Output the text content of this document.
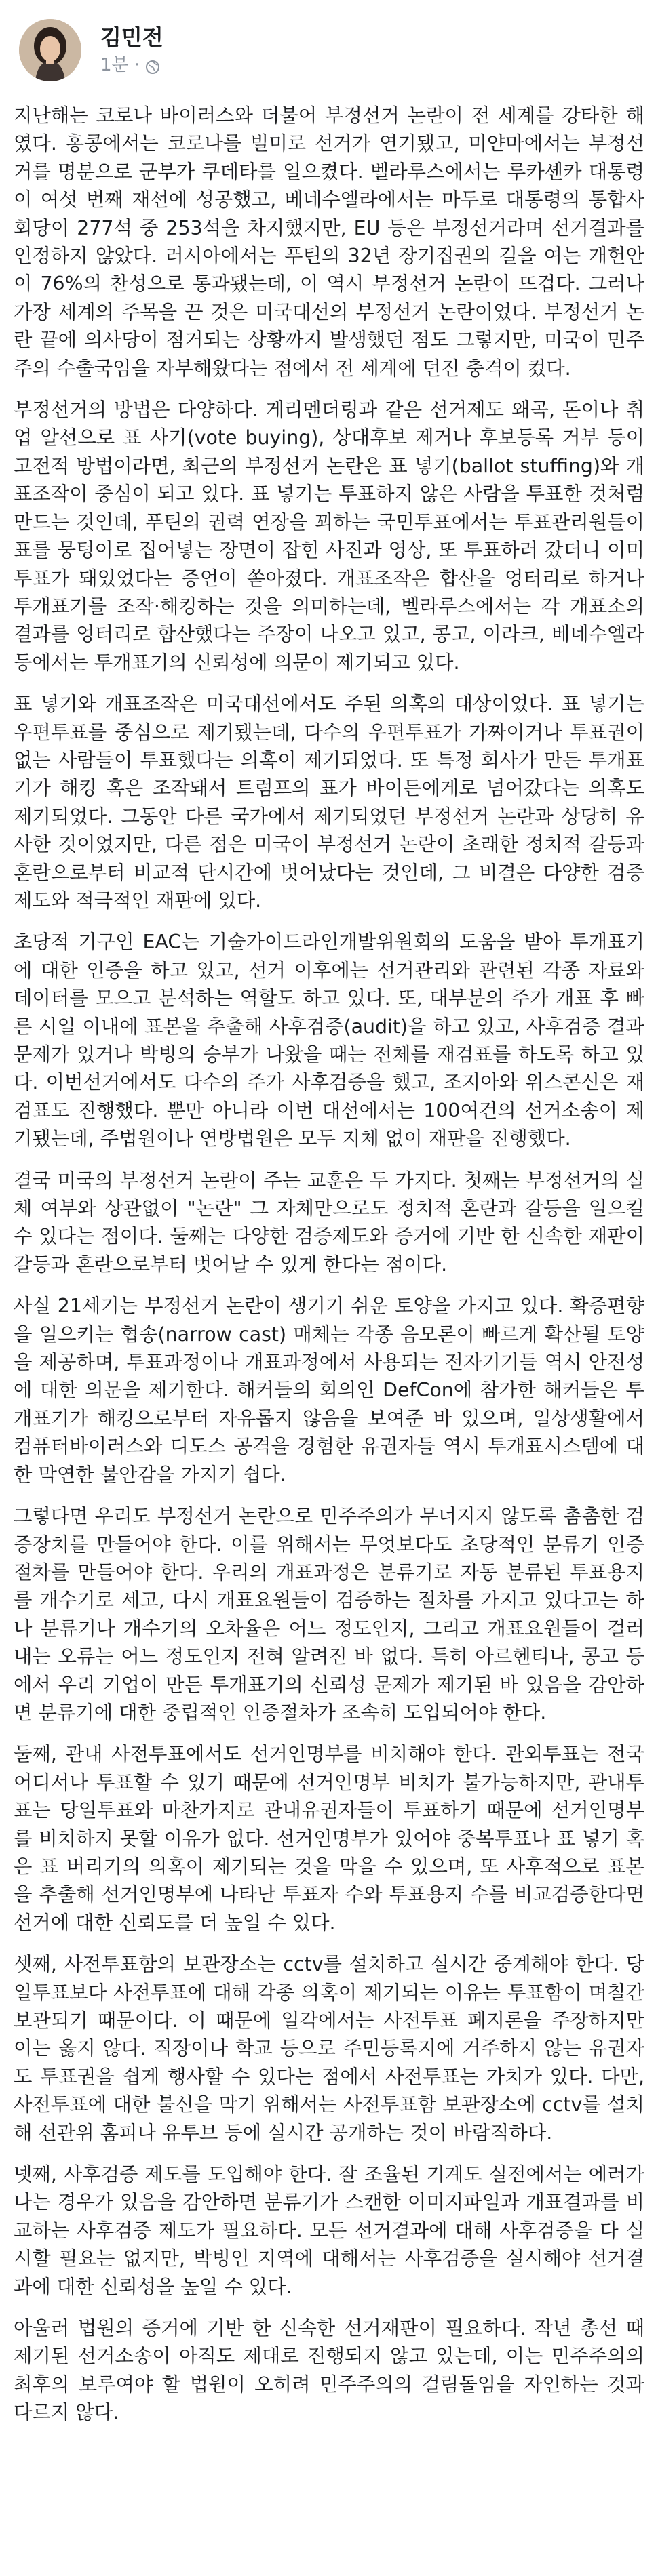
김민전
1분 ·

지난해는 코로나 바이러스와 더불어 부정선거 논란이 전 세계를 강타한 해였다. 홍콩에서는 코로나를 빌미로 선거가 연기됐고, 미얀마에서는 부정선거를 명분으로 군부가 쿠데타를 일으켰다. 벨라루스에서는 루카셴카 대통령이 여섯 번째 재선에 성공했고, 베네수엘라에서는 마두로 대통령의 통합사회당이 277석 중 253석을 차지했지만, EU 등은 부정선거라며 선거결과를 인정하지 않았다. 러시아에서는 푸틴의 32년 장기집권의 길을 여는 개헌안이 76%의 찬성으로 통과됐는데, 이 역시 부정선거 논란이 뜨겁다. 그러나 가장 세계의 주목을 끈 것은 미국대선의 부정선거 논란이었다. 부정선거 논란 끝에 의사당이 점거되는 상황까지 발생했던 점도 그렇지만, 미국이 민주주의 수출국임을 자부해왔다는 점에서 전 세계에 던진 충격이 컸다.

부정선거의 방법은 다양하다. 게리멘더링과 같은 선거제도 왜곡, 돈이나 취업 알선으로 표 사기(vote buying), 상대후보 제거나 후보등록 거부 등이 고전적 방법이라면, 최근의 부정선거 논란은 표 넣기(ballot stuffing)와 개표조작이 중심이 되고 있다. 표 넣기는 투표하지 않은 사람을 투표한 것처럼 만드는 것인데, 푸틴의 권력 연장을 꾀하는 국민투표에서는 투표관리원들이 표를 뭉텅이로 집어넣는 장면이 잡힌 사진과 영상, 또 투표하러 갔더니 이미 투표가 돼있었다는 증언이 쏟아졌다. 개표조작은 합산을 엉터리로 하거나 투개표기를 조작·해킹하는 것을 의미하는데, 벨라루스에서는 각 개표소의 결과를 엉터리로 합산했다는 주장이 나오고 있고, 콩고, 이라크, 베네수엘라 등에서는 투개표기의 신뢰성에 의문이 제기되고 있다.

표 넣기와 개표조작은 미국대선에서도 주된 의혹의 대상이었다. 표 넣기는 우편투표를 중심으로 제기됐는데, 다수의 우편투표가 가짜이거나 투표권이 없는 사람들이 투표했다는 의혹이 제기되었다. 또 특정 회사가 만든 투개표기가 해킹 혹은 조작돼서 트럼프의 표가 바이든에게로 넘어갔다는 의혹도 제기되었다. 그동안 다른 국가에서 제기되었던 부정선거 논란과 상당히 유사한 것이었지만, 다른 점은 미국이 부정선거 논란이 초래한 정치적 갈등과 혼란으로부터 비교적 단시간에 벗어났다는 것인데, 그 비결은 다양한 검증제도와 적극적인 재판에 있다.

초당적 기구인 EAC는 기술가이드라인개발위원회의 도움을 받아 투개표기에 대한 인증을 하고 있고, 선거 이후에는 선거관리와 관련된 각종 자료와 데이터를 모으고 분석하는 역할도 하고 있다. 또, 대부분의 주가 개표 후 빠른 시일 이내에 표본을 추출해 사후검증(audit)을 하고 있고, 사후검증 결과 문제가 있거나 박빙의 승부가 나왔을 때는 전체를 재검표를 하도록 하고 있다. 이번선거에서도 다수의 주가 사후검증을 했고, 조지아와 위스콘신은 재검표도 진행했다. 뿐만 아니라 이번 대선에서는 100여건의 선거소송이 제기됐는데, 주법원이나 연방법원은 모두 지체 없이 재판을 진행했다.

결국 미국의 부정선거 논란이 주는 교훈은 두 가지다. 첫째는 부정선거의 실체 여부와 상관없이 "논란" 그 자체만으로도 정치적 혼란과 갈등을 일으킬 수 있다는 점이다. 둘째는 다양한 검증제도와 증거에 기반 한 신속한 재판이 갈등과 혼란으로부터 벗어날 수 있게 한다는 점이다.

사실 21세기는 부정선거 논란이 생기기 쉬운 토양을 가지고 있다. 확증편향을 일으키는 협송(narrow cast) 매체는 각종 음모론이 빠르게 확산될 토양을 제공하며, 투표과정이나 개표과정에서 사용되는 전자기기들 역시 안전성에 대한 의문을 제기한다. 해커들의 회의인 DefCon에 참가한 해커들은 투개표기가 해킹으로부터 자유롭지 않음을 보여준 바 있으며, 일상생활에서 컴퓨터바이러스와 디도스 공격을 경험한 유권자들 역시 투개표시스템에 대한 막연한 불안감을 가지기 쉽다.

그렇다면 우리도 부정선거 논란으로 민주주의가 무너지지 않도록 촘촘한 검증장치를 만들어야 한다. 이를 위해서는 무엇보다도 초당적인 분류기 인증 절차를 만들어야 한다. 우리의 개표과정은 분류기로 자동 분류된 투표용지를 개수기로 세고, 다시 개표요원들이 검증하는 절차를 가지고 있다고는 하나 분류기나 개수기의 오차율은 어느 정도인지, 그리고 개표요원들이 걸러내는 오류는 어느 정도인지 전혀 알려진 바 없다. 특히 아르헨티나, 콩고 등에서 우리 기업이 만든 투개표기의 신뢰성 문제가 제기된 바 있음을 감안하면 분류기에 대한 중립적인 인증절차가 조속히 도입되어야 한다.

둘째, 관내 사전투표에서도 선거인명부를 비치해야 한다. 관외투표는 전국 어디서나 투표할 수 있기 때문에 선거인명부 비치가 불가능하지만, 관내투표는 당일투표와 마찬가지로 관내유권자들이 투표하기 때문에 선거인명부를 비치하지 못할 이유가 없다. 선거인명부가 있어야 중복투표나 표 넣기 혹은 표 버리기의 의혹이 제기되는 것을 막을 수 있으며, 또 사후적으로 표본을 추출해 선거인명부에 나타난 투표자 수와 투표용지 수를 비교검증한다면 선거에 대한 신뢰도를 더 높일 수 있다.

셋째, 사전투표함의 보관장소는 cctv를 설치하고 실시간 중계해야 한다. 당일투표보다 사전투표에 대해 각종 의혹이 제기되는 이유는 투표함이 며칠간 보관되기 때문이다. 이 때문에 일각에서는 사전투표 폐지론을 주장하지만 이는 옳지 않다. 직장이나 학교 등으로 주민등록지에 거주하지 않는 유권자도 투표권을 쉽게 행사할 수 있다는 점에서 사전투표는 가치가 있다. 다만, 사전투표에 대한 불신을 막기 위해서는 사전투표함 보관장소에 cctv를 설치해 선관위 홈피나 유투브 등에 실시간 공개하는 것이 바람직하다.

넷째, 사후검증 제도를 도입해야 한다. 잘 조율된 기계도 실전에서는 에러가 나는 경우가 있음을 감안하면 분류기가 스캔한 이미지파일과 개표결과를 비교하는 사후검증 제도가 필요하다. 모든 선거결과에 대해 사후검증을 다 실시할 필요는 없지만, 박빙인 지역에 대해서는 사후검증을 실시해야 선거결과에 대한 신뢰성을 높일 수 있다.

아울러 법원의 증거에 기반 한 신속한 선거재판이 필요하다. 작년 총선 때 제기된 선거소송이 아직도 제대로 진행되지 않고 있는데, 이는 민주주의의 최후의 보루여야 할 법원이 오히려 민주주의의 걸림돌임을 자인하는 것과 다르지 않다.
